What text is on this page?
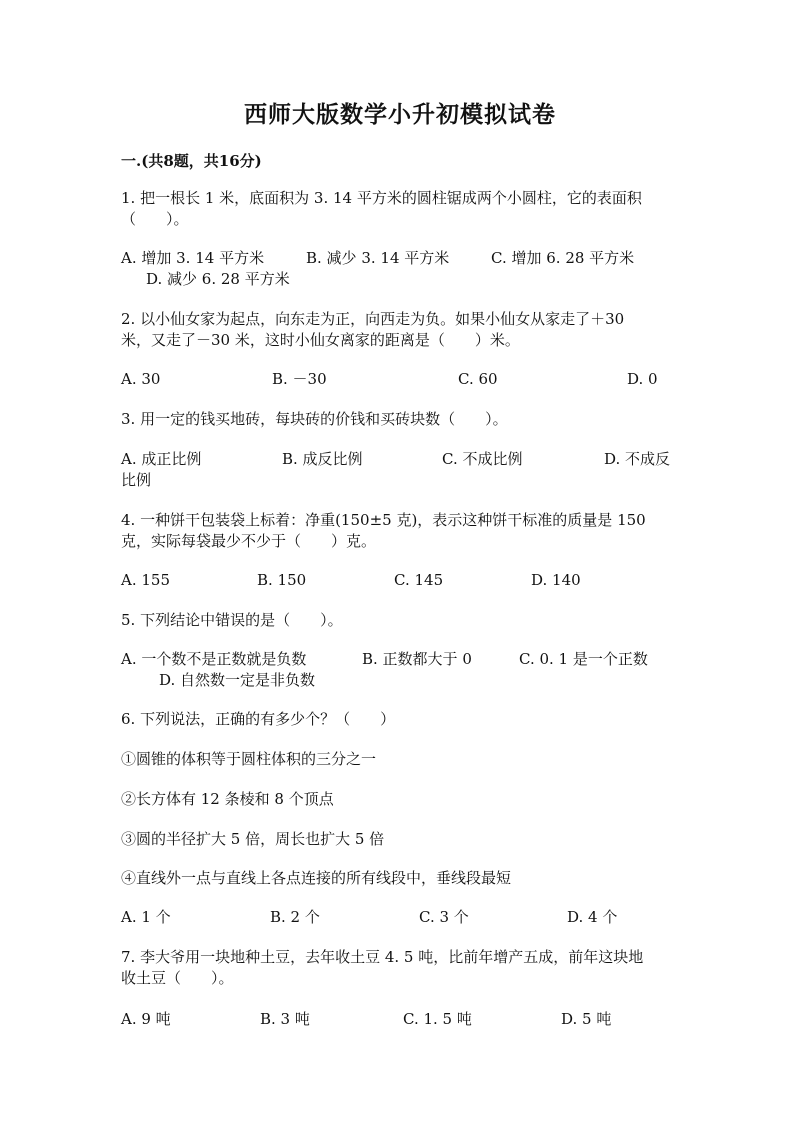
西师大版数学小升初模拟试卷
一.(共8题，共16分)
1. 把一根长 1 米，底面积为 3. 14 平方米的圆柱锯成两个小圆柱，它的表面积
（　　）。
A. 增加 3. 14 平方米	B. 减少 3. 14 平方米	C. 增加 6. 28 平方米
D. 减少 6. 28 平方米
2. 以小仙女家为起点，向东走为正，向西走为负。如果小仙女从家走了＋30
米，又走了－30 米，这时小仙女离家的距离是（　　）米。
A. 30	B. －30	C. 60	D. 0
3. 用一定的钱买地砖，每块砖的价钱和买砖块数（　　）。
A. 成正比例	B. 成反比例	C. 不成比例	D. 不成反
比例
4. 一种饼干包装袋上标着：净重(150±5 克)，表示这种饼干标准的质量是 150
克，实际每袋最少不少于（　　）克。
A. 155	B. 150	C. 145	D. 140
5. 下列结论中错误的是（　　）。
A. 一个数不是正数就是负数	B. 正数都大于 0	C. 0. 1 是一个正数
D. 自然数一定是非负数
6. 下列说法，正确的有多少个？（　　）
①圆锥的体积等于圆柱体积的三分之一
②长方体有 12 条棱和 8 个顶点
③圆的半径扩大 5 倍，周长也扩大 5 倍
④直线外一点与直线上各点连接的所有线段中，垂线段最短
A. 1 个	B. 2 个	C. 3 个	D. 4 个
7. 李大爷用一块地种土豆，去年收土豆 4. 5 吨，比前年增产五成，前年这块地
收土豆（　　）。
A. 9 吨	B. 3 吨	C. 1. 5 吨	D. 5 吨
